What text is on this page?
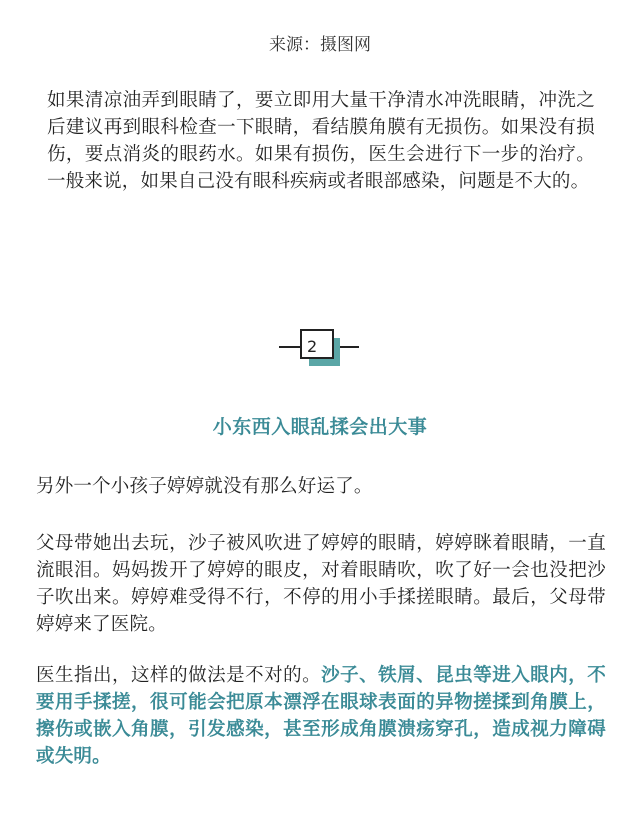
来源：摄图网

如果清凉油弄到眼睛了，要立即用大量干净清水冲洗眼睛，冲洗之后建议再到眼科检查一下眼睛，看结膜角膜有无损伤。如果没有损伤，要点消炎的眼药水。如果有损伤，医生会进行下一步的治疗。一般来说，如果自己没有眼科疾病或者眼部感染，问题是不大的。

2
小东西入眼乱揉会出大事

另外一个小孩子婷婷就没有那么好运了。

父母带她出去玩，沙子被风吹进了婷婷的眼睛，婷婷眯着眼睛，一直流眼泪。妈妈拨开了婷婷的眼皮，对着眼睛吹，吹了好一会也没把沙子吹出来。婷婷难受得不行，不停的用小手揉搓眼睛。最后，父母带婷婷来了医院。

医生指出，这样的做法是不对的。沙子、铁屑、昆虫等进入眼内，不要用手揉搓，很可能会把原本漂浮在眼球表面的异物搓揉到角膜上，擦伤或嵌入角膜，引发感染，甚至形成角膜溃疡穿孔，造成视力障碍或失明。
